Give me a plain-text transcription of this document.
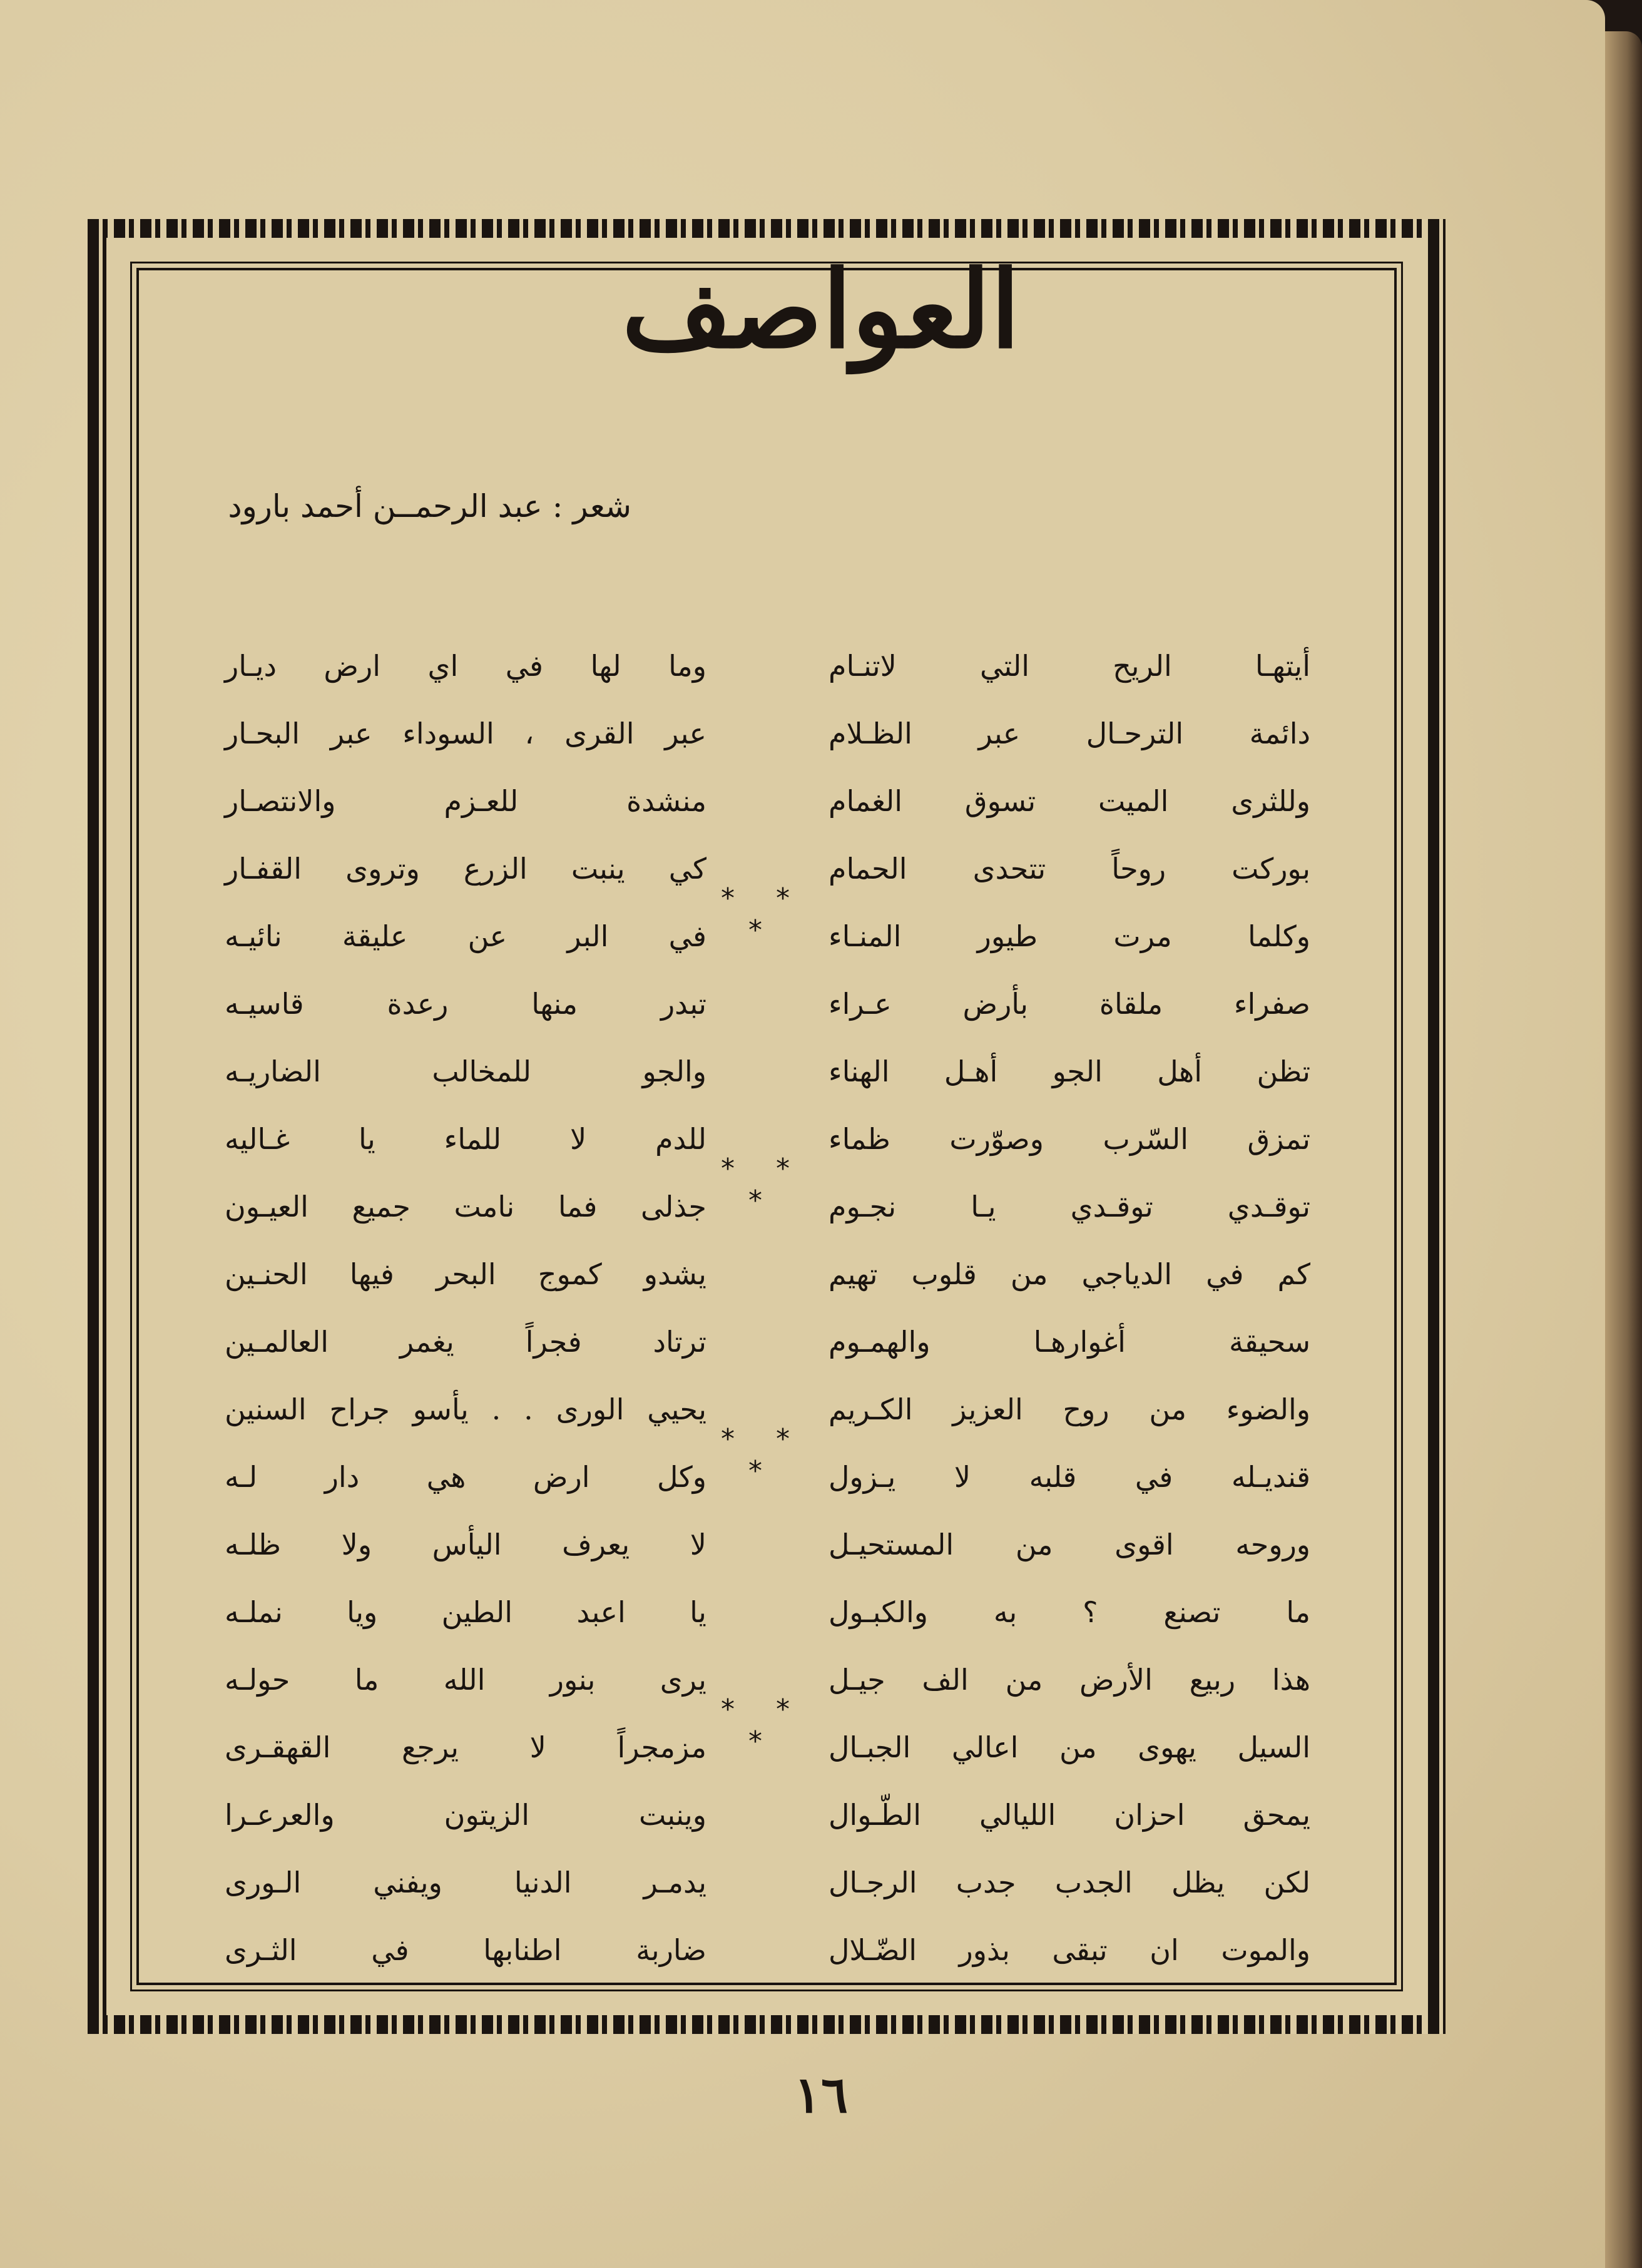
العواصف
شعر : عبد الرحمــن أحمد بارود
أيتهـا الريح التي لاتنـام
دائمة الترحـال عبر الظـلام
وللثرى الميت تسوق الغمام
بوركت روحاً تتحدى الحمام
وكلما مرت طيور المنـاء
صفراء ملقاة بأرض عـراء
تظن أهل الجو أهـل الهناء
تمزق السّرب وصوّرت ظماء
توقـدي توقـدي يـا نجـوم
كم في الدياجي من قلوب تهيم
سحيقة أغوارهـا والهمـوم
والضوء من روح العزيز الكـريم
قنديـله في قلبه لا يـزول
وروحه اقوى من المستحيـل
ما تصنع ؟ به والكبـول
هذا ربيع الأرض من الف جيـل
السيل يهوى من اعالي الجبـال
يمحق احزان الليالي الطّـوال
لكن يظل الجدب جدب الرجـال
والموت ان تبقى بذور الضّـلال
وما لها في اي ارض ديـار
عبر القرى ، السوداء عبر البحـار
منشدة للعـزم والانتصـار
كي ينبت الزرع وتروى القفـار
في البر عن عليقة نائيـه
تبدر منها رعدة قاسيـه
والجو للمخالب الضاريـه
للدم لا للماء يا غـاليه
جذلى فما نامت جميع العيـون
يشدو كموج البحر فيها الحنـين
ترتاد فجراً يغمر العالمـين
يحيي الورى . . يأسو جراح السنين
وكل ارض هي دار لـه
لا يعرف اليأس ولا ظلـه
يا اعبد الطين ويا نملـه
يرى بنور الله ما حولـه
مزمجراً لا يرجع القهقـرى
وينبت الزيتون والعرعـرا
يدمـر الدنيا ويفني الـورى
ضاربة اطنابها في الثـرى
* * *
* * *
* * *
* * *
١٦
